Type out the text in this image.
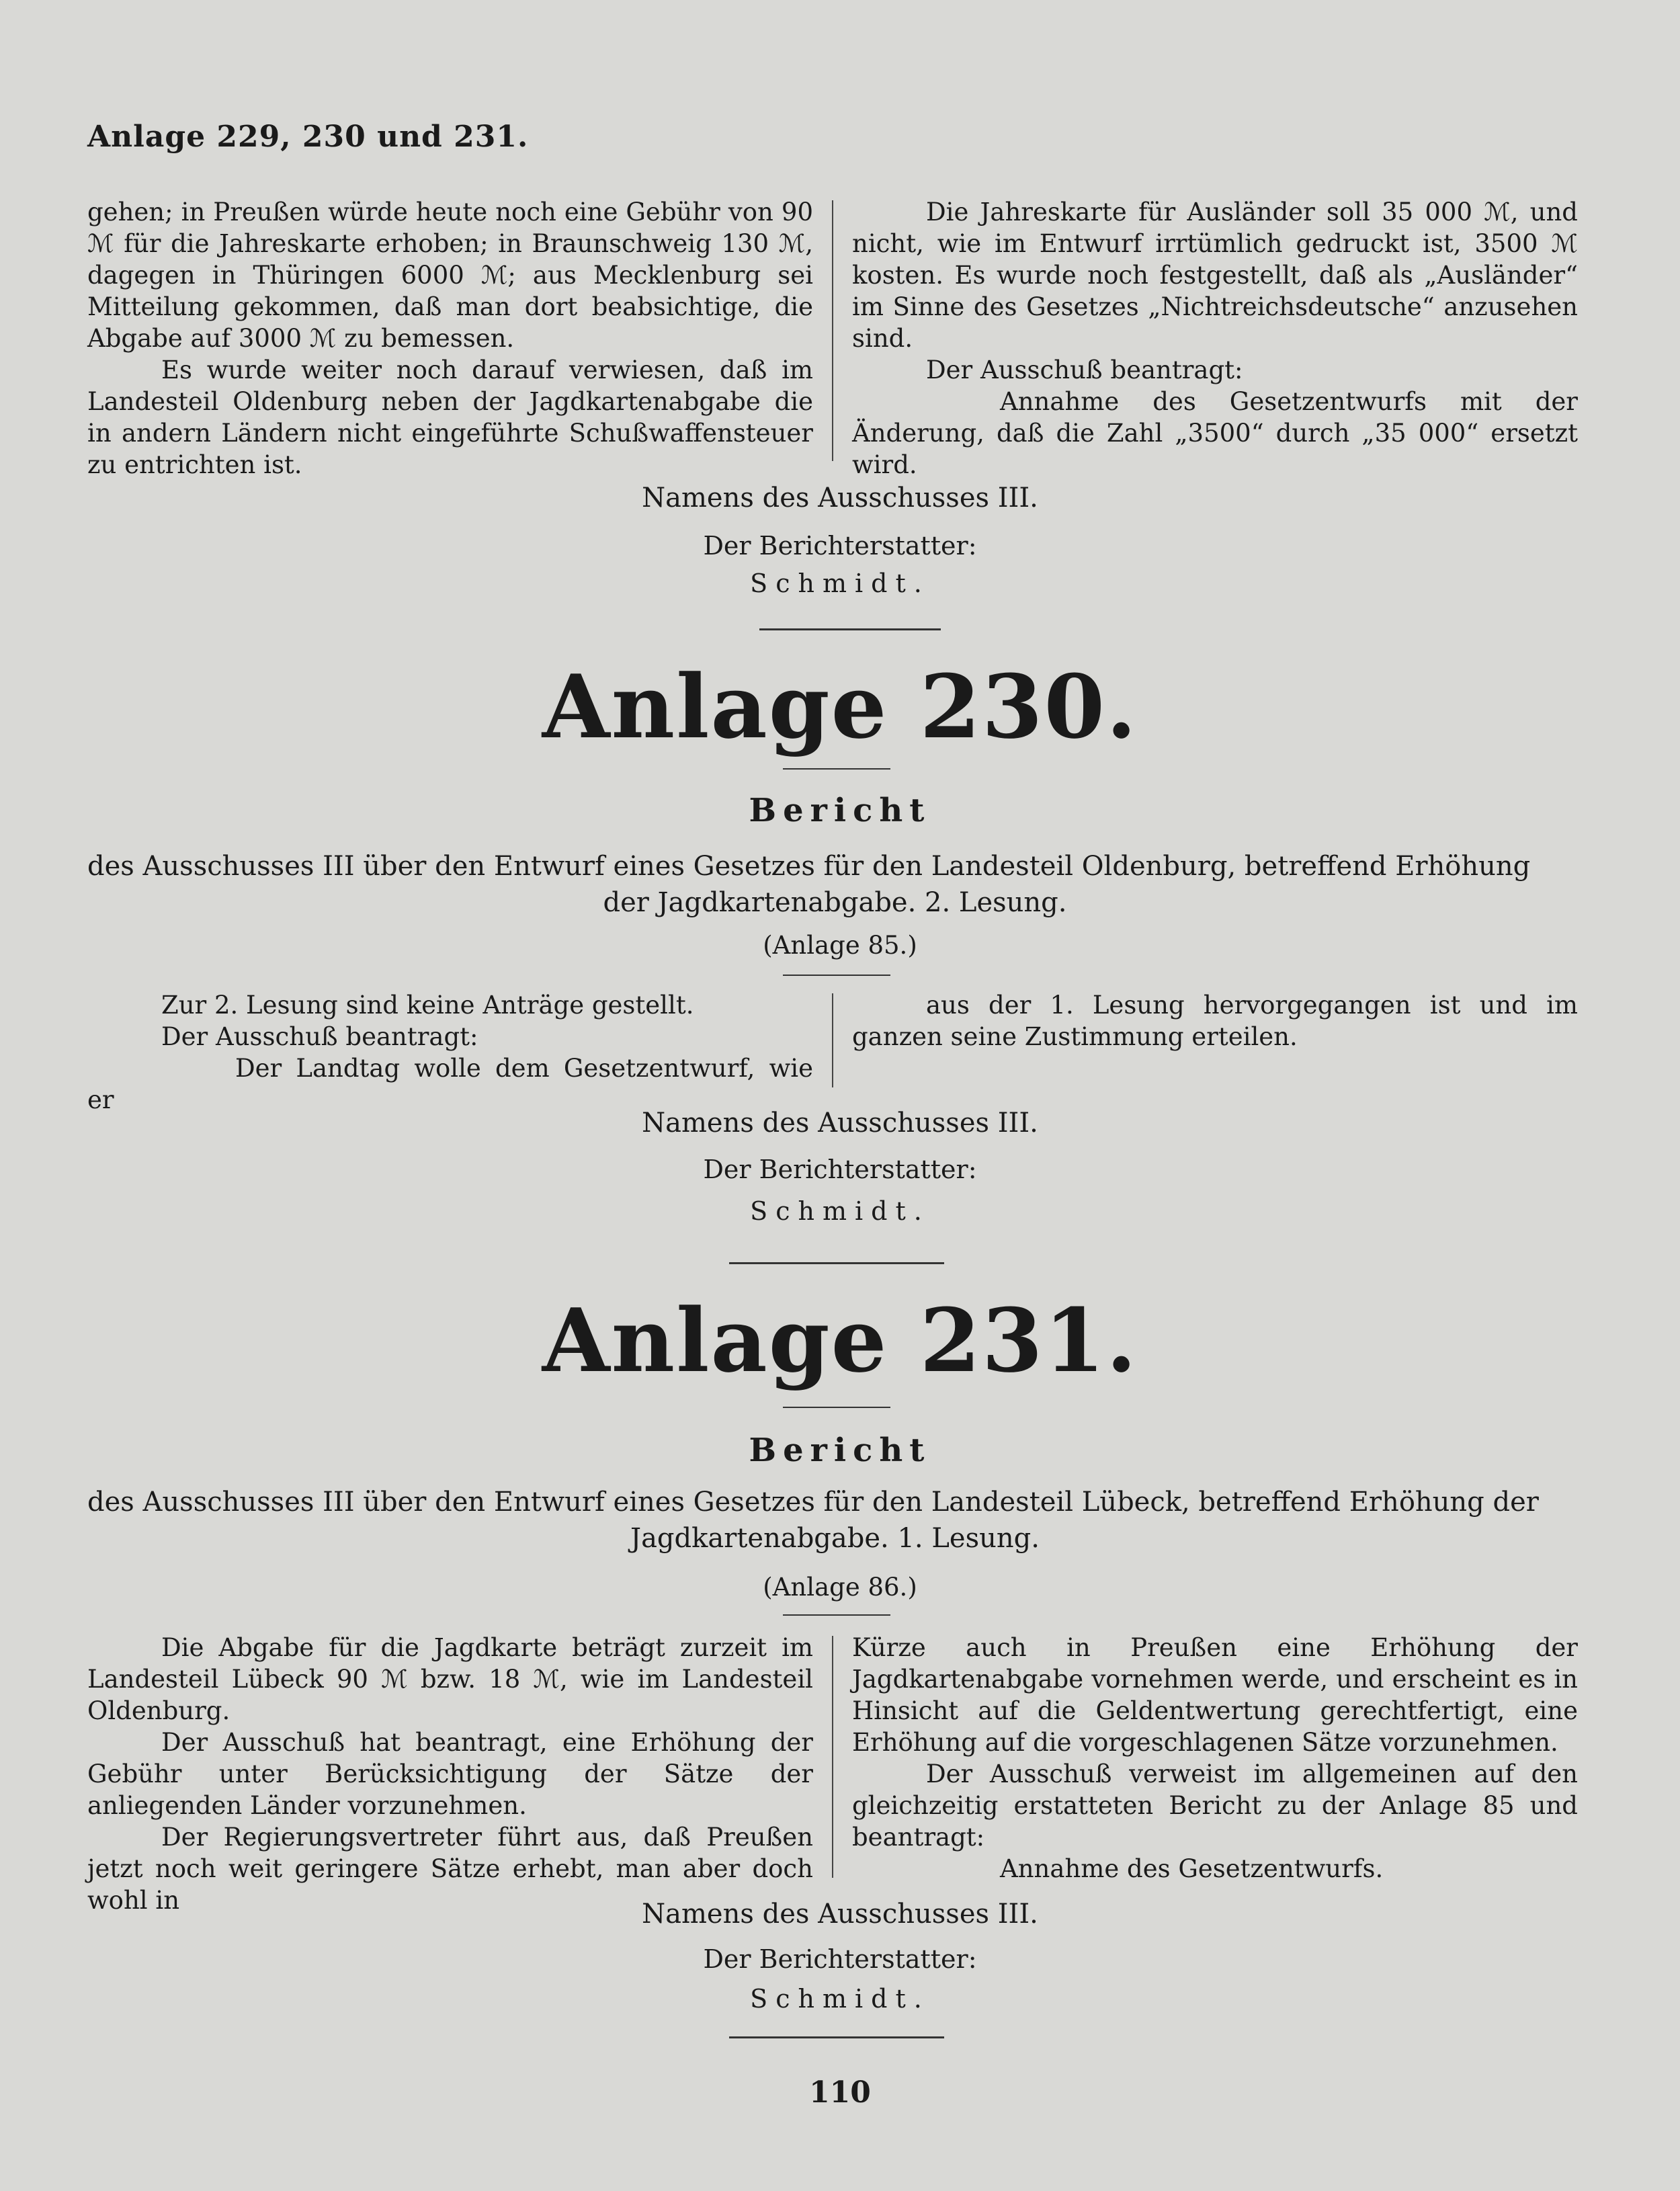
Anlage 229, 230 und 231.

gehen; in Preußen würde heute noch eine Gebühr von 90 ℳ für die Jahreskarte erhoben; in Braunschweig 130 ℳ, dagegen in Thüringen 6000 ℳ; aus Mecklenburg sei Mitteilung gekommen, daß man dort beabsichtige, die Abgabe auf 3000 ℳ zu bemessen.

Es wurde weiter noch darauf verwiesen, daß im Landesteil Oldenburg neben der Jagdkartenabgabe die in andern Ländern nicht eingeführte Schußwaffensteuer zu entrichten ist.

Die Jahreskarte für Ausländer soll 35 000 ℳ, und nicht, wie im Entwurf irrtümlich gedruckt ist, 3500 ℳ kosten. Es wurde noch festgestellt, daß als „Ausländer“ im Sinne des Gesetzes „Nichtreichsdeutsche“ anzusehen sind.

Der Ausschuß beantragt:

Annahme des Gesetzentwurfs mit der Änderung, daß die Zahl „3500“ durch „35 000“ ersetzt wird.

Namens des Ausschusses III.
Der Berichterstatter:
Schmidt.
Anlage 230.
Bericht
des Ausschusses III über den Entwurf eines Gesetzes für den Landesteil Oldenburg, betreffend Erhöhung
der Jagdkartenabgabe. 2. Lesung.
(Anlage 85.)

Zur 2. Lesung sind keine Anträge gestellt.

Der Ausschuß beantragt:

Der Landtag wolle dem Gesetzentwurf, wie er

aus der 1. Lesung hervorgegangen ist und im ganzen seine Zustimmung erteilen.

Namens des Ausschusses III.
Der Berichterstatter:
Schmidt.
Anlage 231.
Bericht
des Ausschusses III über den Entwurf eines Gesetzes für den Landesteil Lübeck, betreffend Erhöhung der
Jagdkartenabgabe. 1. Lesung.
(Anlage 86.)

Die Abgabe für die Jagdkarte beträgt zurzeit im Landesteil Lübeck 90 ℳ bzw. 18 ℳ, wie im Landesteil Oldenburg.

Der Ausschuß hat beantragt, eine Erhöhung der Gebühr unter Berücksichtigung der Sätze der anliegenden Länder vorzunehmen.

Der Regierungsvertreter führt aus, daß Preußen jetzt noch weit geringere Sätze erhebt, man aber doch wohl in

Kürze auch in Preußen eine Erhöhung der Jagdkartenabgabe vornehmen werde, und erscheint es in Hinsicht auf die Geldentwertung gerechtfertigt, eine Erhöhung auf die vorgeschlagenen Sätze vorzunehmen.

Der Ausschuß verweist im allgemeinen auf den gleichzeitig erstatteten Bericht zu der Anlage 85 und beantragt:

Annahme des Gesetzentwurfs.

Namens des Ausschusses III.
Der Berichterstatter:
Schmidt.
110
